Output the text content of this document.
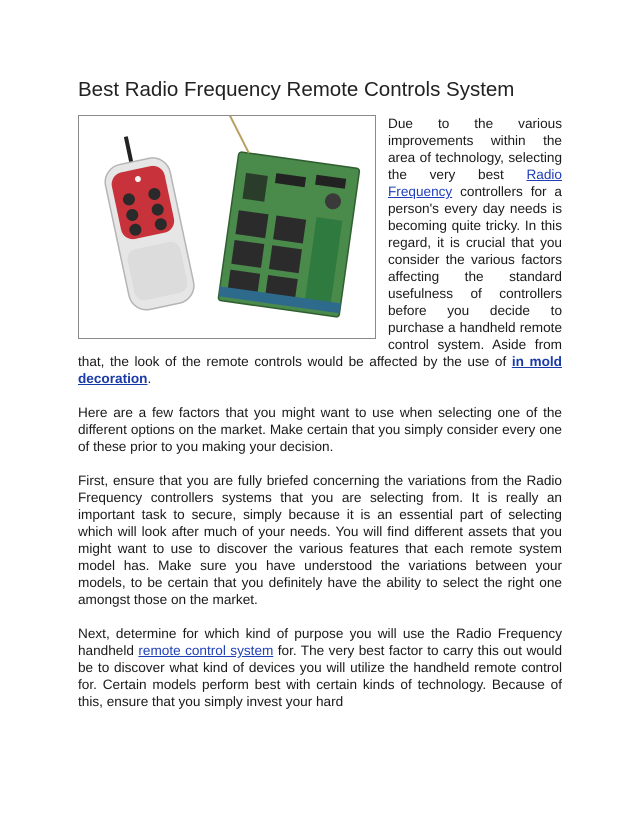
Best Radio Frequency Remote Controls System
Due to the various improvements within the area of technology, selecting the very best Radio Frequency controllers for a person's every day needs is becoming quite tricky. In this regard, it is crucial that you consider the various factors affecting the standard usefulness of controllers before you decide to purchase a handheld remote control system. Aside from that, the look of the remote controls would be affected by the use of in mold decoration.

Here are a few factors that you might want to use when selecting one of the different options on the market. Make certain that you simply consider every one of these prior to you making your decision.

First, ensure that you are fully briefed concerning the variations from the Radio Frequency controllers systems that you are selecting from. It is really an important task to secure, simply because it is an essential part of selecting which will look after much of your needs. You will find different assets that you might want to use to discover the various features that each remote system model has. Make sure you have understood the variations between your models, to be certain that you definitely have the ability to select the right one amongst those on the market.

Next, determine for which kind of purpose you will use the Radio Frequency handheld remote control system for. The very best factor to carry this out would be to discover what kind of devices you will utilize the handheld remote control for. Certain models perform best with certain kinds of technology. Because of this, ensure that you simply invest your hard
